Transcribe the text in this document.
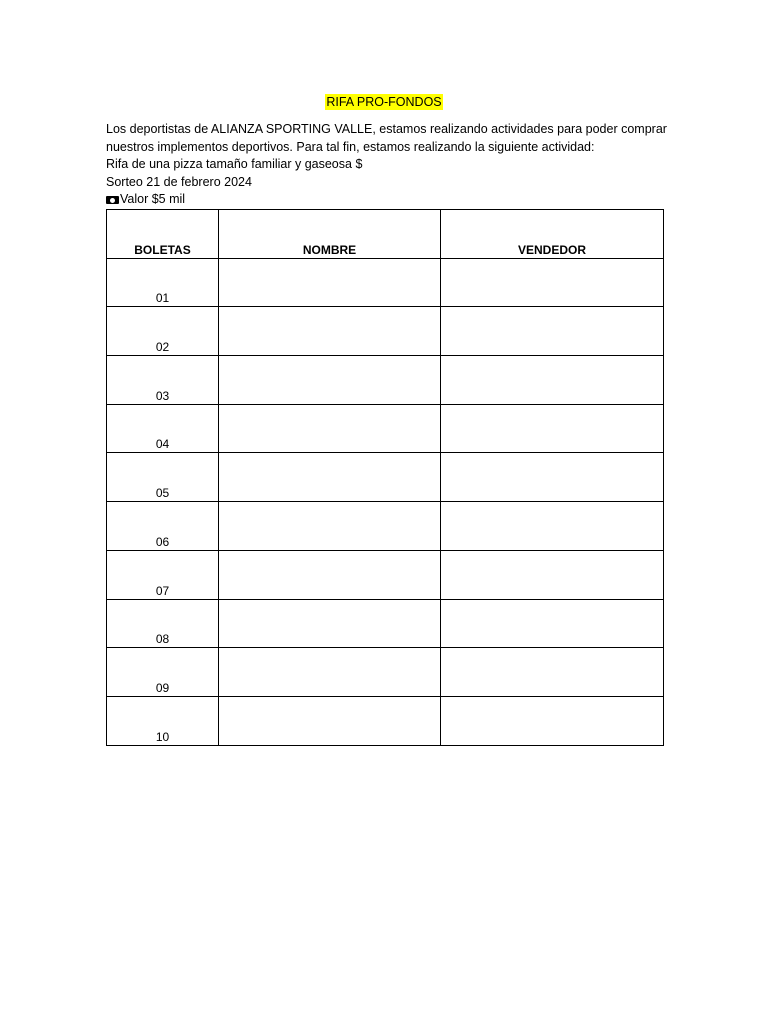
RIFA PRO-FONDOS

Los deportistas de ALIANZA SPORTING VALLE, estamos realizando actividades para poder comprar nuestros implementos deportivos. Para tal fin, estamos realizando la siguiente actividad:

Rifa de una pizza tamaño familiar y gaseosa $

Sorteo 21 de febrero 2024

Valor $5 mil

BOLETAS	NOMBRE	VENDEDOR
01		
02		
03		
04		
05		
06		
07		
08		
09		
10		
